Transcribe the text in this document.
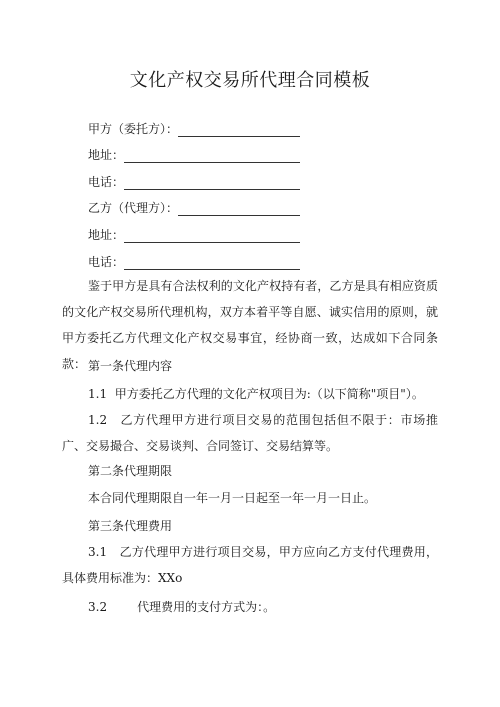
文化产权交易所代理合同模板
甲方（委托方）：
地址：
电话：
乙方（代理方）：
地址：
电话：
鉴于甲方是具有合法权利的文化产权持有者，乙方是具有相应资质的文化产权交易所代理机构，双方本着平等自愿、诚实信用的原则，就甲方委托乙方代理文化产权交易事宜，经协商一致，达成如下合同条款： 第一条代理内容
1.1 甲方委托乙方代理的文化产权项目为:（以下简称"项目"）。
1.2　乙方代理甲方进行项目交易的范围包括但不限于：市场推广、交易撮合、交易谈判、合同签订、交易结算等。
第二条代理期限
本合同代理期限自一年一月一日起至一年一月一日止。
第三条代理费用
3.1　乙方代理甲方进行项目交易，甲方应向乙方支付代理费用，具体费用标准为：XXo
3.2	代理费用的支付方式为：。
